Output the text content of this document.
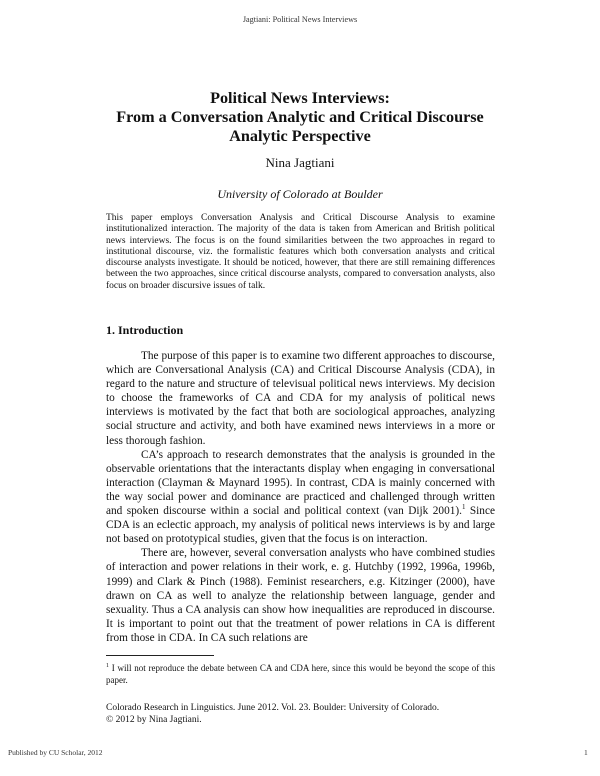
Jagtiani: Political News Interviews
Political News Interviews:
From a Conversation Analytic and Critical Discourse
Analytic Perspective
Nina Jagtiani
University of Colorado at Boulder
This paper employs Conversation Analysis and Critical Discourse Analysis to examine institutionalized interaction. The majority of the data is taken from American and British political news interviews. The focus is on the found similarities between the two approaches in regard to institutional discourse, viz. the formalistic features which both conversation analysts and critical discourse analysts investigate. It should be noticed, however, that there are still remaining differences between the two approaches, since critical discourse analysts, compared to conversation analysts, also focus on broader discursive issues of talk.
1. Introduction

The purpose of this paper is to examine two different approaches to discourse, which are Conversational Analysis (CA) and Critical Discourse Analysis (CDA), in regard to the nature and structure of televisual political news interviews. My decision to choose the frameworks of CA and CDA for my analysis of political news interviews is motivated by the fact that both are sociological approaches, analyzing social structure and activity, and both have examined news interviews in a more or less thorough fashion.

CA’s approach to research demonstrates that the analysis is grounded in the observable orientations that the interactants display when engaging in conversational interaction (Clayman & Maynard 1995). In contrast, CDA is mainly concerned with the way social power and dominance are practiced and challenged through written and spoken discourse within a social and political context (van Dijk 2001).$^1$ Since CDA is an eclectic approach, my analysis of political news interviews is by and large not based on prototypical studies, given that the focus is on interaction.

There are, however, several conversation analysts who have combined studies of interaction and power relations in their work, e. g. Hutchby (1992, 1996a, 1996b, 1999) and Clark & Pinch (1988). Feminist researchers, e.g. Kitzinger (2000), have drawn on CA as well to analyze the relationship between language, gender and sexuality. Thus a CA analysis can show how inequalities are reproduced in discourse. It is important to point out that the treatment of power relations in CA is different from those in CDA. In CA such relations are

$^1$ I will not reproduce the debate between CA and CDA here, since this would be beyond the scope of this paper.
Colorado Research in Linguistics. June 2012. Vol. 23. Boulder: University of Colorado.
© 2012 by Nina Jagtiani.
Published by CU Scholar, 2012	1
